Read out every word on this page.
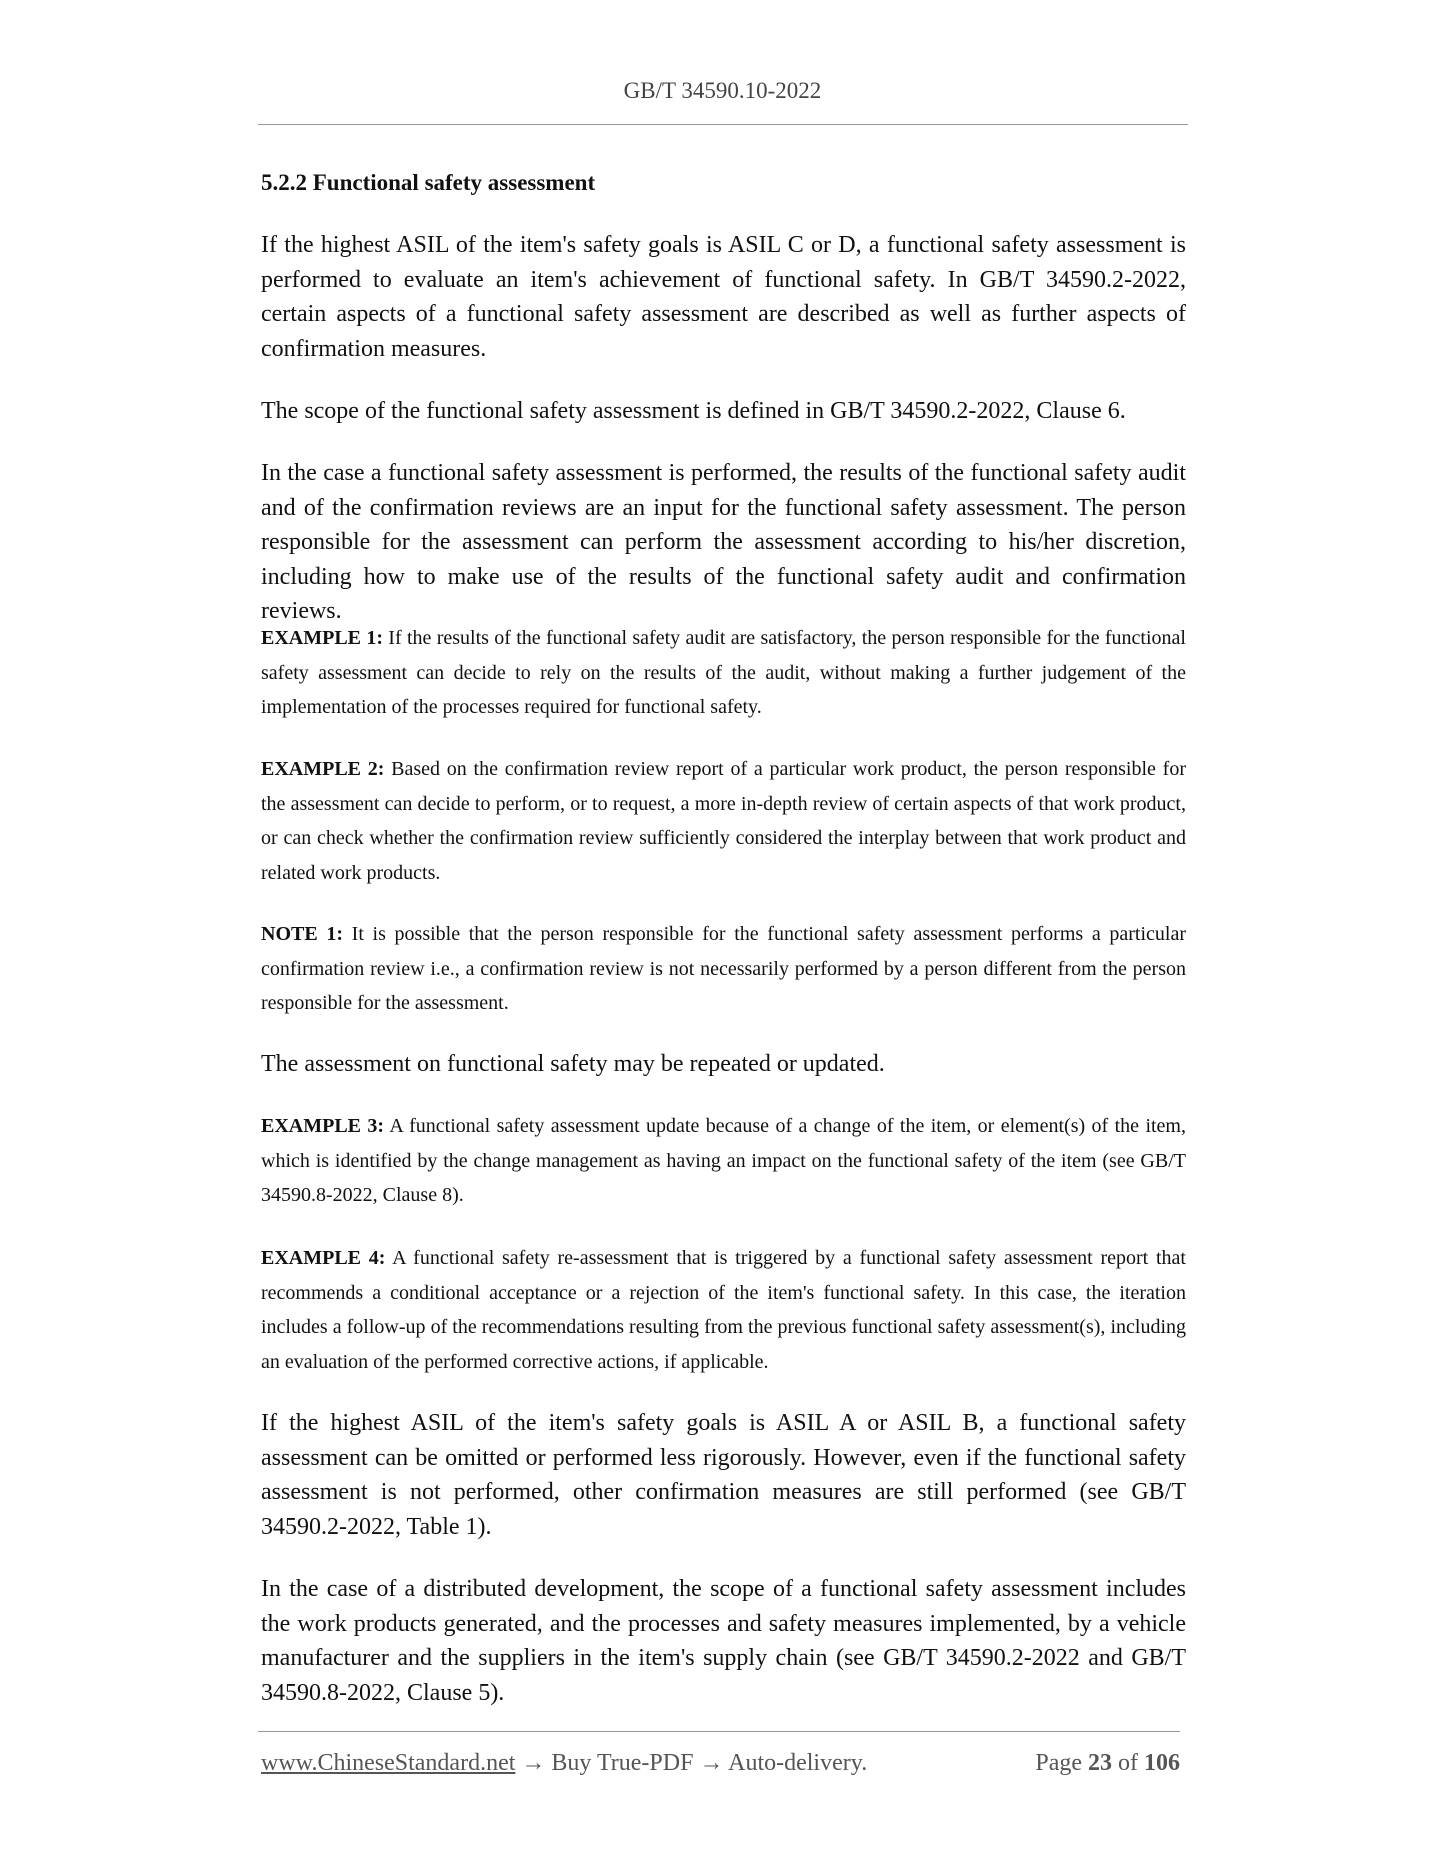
GB/T 34590.10-2022
5.2.2 Functional safety assessment
If the highest ASIL of the item's safety goals is ASIL C or D, a functional safety assessment is performed to evaluate an item's achievement of functional safety. In GB/T 34590.2-2022, certain aspects of a functional safety assessment are described as well as further aspects of confirmation measures.
The scope of the functional safety assessment is defined in GB/T 34590.2-2022, Clause 6.
In the case a functional safety assessment is performed, the results of the functional safety audit and of the confirmation reviews are an input for the functional safety assessment. The person responsible for the assessment can perform the assessment according to his/her discretion, including how to make use of the results of the functional safety audit and confirmation reviews.
EXAMPLE 1: If the results of the functional safety audit are satisfactory, the person responsible for the functional safety assessment can decide to rely on the results of the audit, without making a further judgement of the implementation of the processes required for functional safety.
EXAMPLE 2: Based on the confirmation review report of a particular work product, the person responsible for the assessment can decide to perform, or to request, a more in-depth review of certain aspects of that work product, or can check whether the confirmation review sufficiently considered the interplay between that work product and related work products.
NOTE 1: It is possible that the person responsible for the functional safety assessment performs a particular confirmation review i.e., a confirmation review is not necessarily performed by a person different from the person responsible for the assessment.
The assessment on functional safety may be repeated or updated.
EXAMPLE 3: A functional safety assessment update because of a change of the item, or element(s) of the item, which is identified by the change management as having an impact on the functional safety of the item (see GB/T 34590.8-2022, Clause 8).
EXAMPLE 4: A functional safety re-assessment that is triggered by a functional safety assessment report that recommends a conditional acceptance or a rejection of the item's functional safety. In this case, the iteration includes a follow-up of the recommendations resulting from the previous functional safety assessment(s), including an evaluation of the performed corrective actions, if applicable.
If the highest ASIL of the item's safety goals is ASIL A or ASIL B, a functional safety assessment can be omitted or performed less rigorously. However, even if the functional safety assessment is not performed, other confirmation measures are still performed (see GB/T 34590.2-2022, Table 1).
In the case of a distributed development, the scope of a functional safety assessment includes the work products generated, and the processes and safety measures implemented, by a vehicle manufacturer and the suppliers in the item's supply chain (see GB/T 34590.2-2022 and GB/T 34590.8-2022, Clause 5).
www.ChineseStandard.net → Buy True-PDF → Auto-delivery.	Page 23 of 106
